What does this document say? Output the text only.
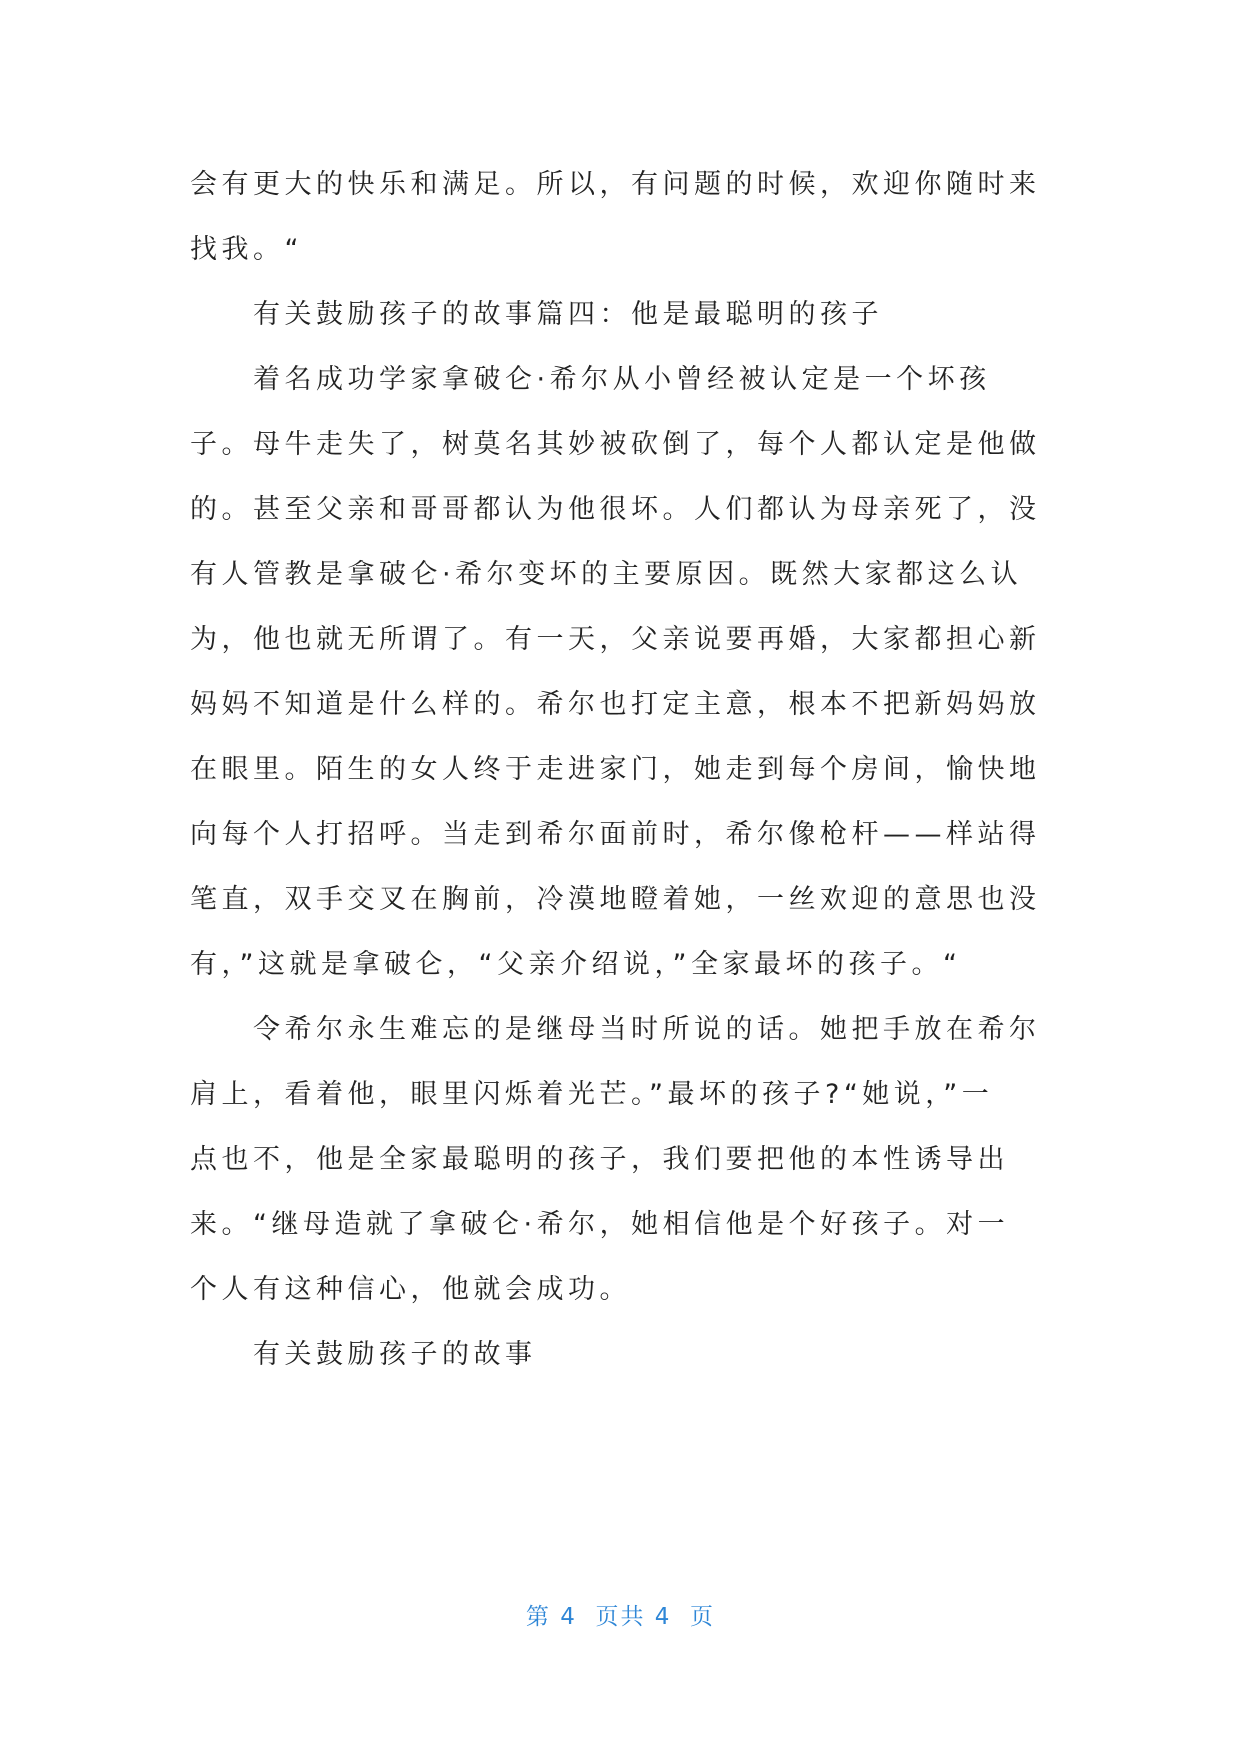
会有更大的快乐和满足。所以，有问题的时候，欢迎你随时来
找我。“
有关鼓励孩子的故事篇四：他是最聪明的孩子
着名成功学家拿破仑·希尔从小曾经被认定是一个坏孩
子。母牛走失了，树莫名其妙被砍倒了，每个人都认定是他做
的。甚至父亲和哥哥都认为他很坏。人们都认为母亲死了，没
有人管教是拿破仑·希尔变坏的主要原因。既然大家都这么认
为，他也就无所谓了。有一天，父亲说要再婚，大家都担心新
妈妈不知道是什么样的。希尔也打定主意，根本不把新妈妈放
在眼里。陌生的女人终于走进家门，她走到每个房间，愉快地
向每个人打招呼。当走到希尔面前时，希尔像枪杆——样站得
笔直，双手交叉在胸前，冷漠地瞪着她，一丝欢迎的意思也没
有，”这就是拿破仑，“父亲介绍说，”全家最坏的孩子。“
令希尔永生难忘的是继母当时所说的话。她把手放在希尔
肩上，看着他，眼里闪烁着光芒。”最坏的孩子?“她说，”一
点也不，他是全家最聪明的孩子，我们要把他的本性诱导出
来。“继母造就了拿破仑·希尔，她相信他是个好孩子。对一
个人有这种信心，他就会成功。
有关鼓励孩子的故事
第 4  页共 4  页
